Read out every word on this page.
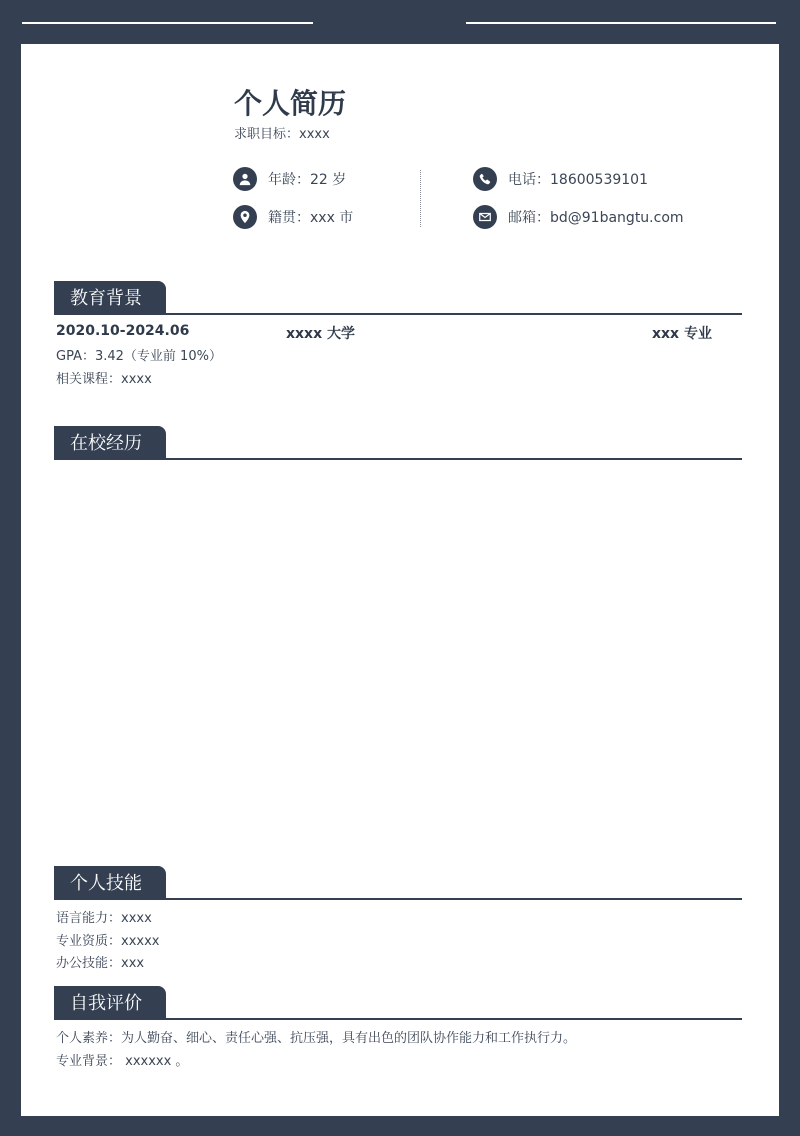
个人简历
求职目标：xxxx
年龄：22 岁
籍贯：xxx 市
电话：18600539101
邮箱：bd@91bangtu.com
教育背景
2020.10-2024.06	xxxx 大学	xxx 专业
GPA：3.42（专业前 10%）
相关课程：xxxx
在校经历
个人技能
语言能力：xxxx
专业资质：xxxxx
办公技能：xxx
自我评价
个人素养：为人勤奋、细心、责任心强、抗压强，具有出色的团队协作能力和工作执行力。
专业背景： xxxxxx 。
